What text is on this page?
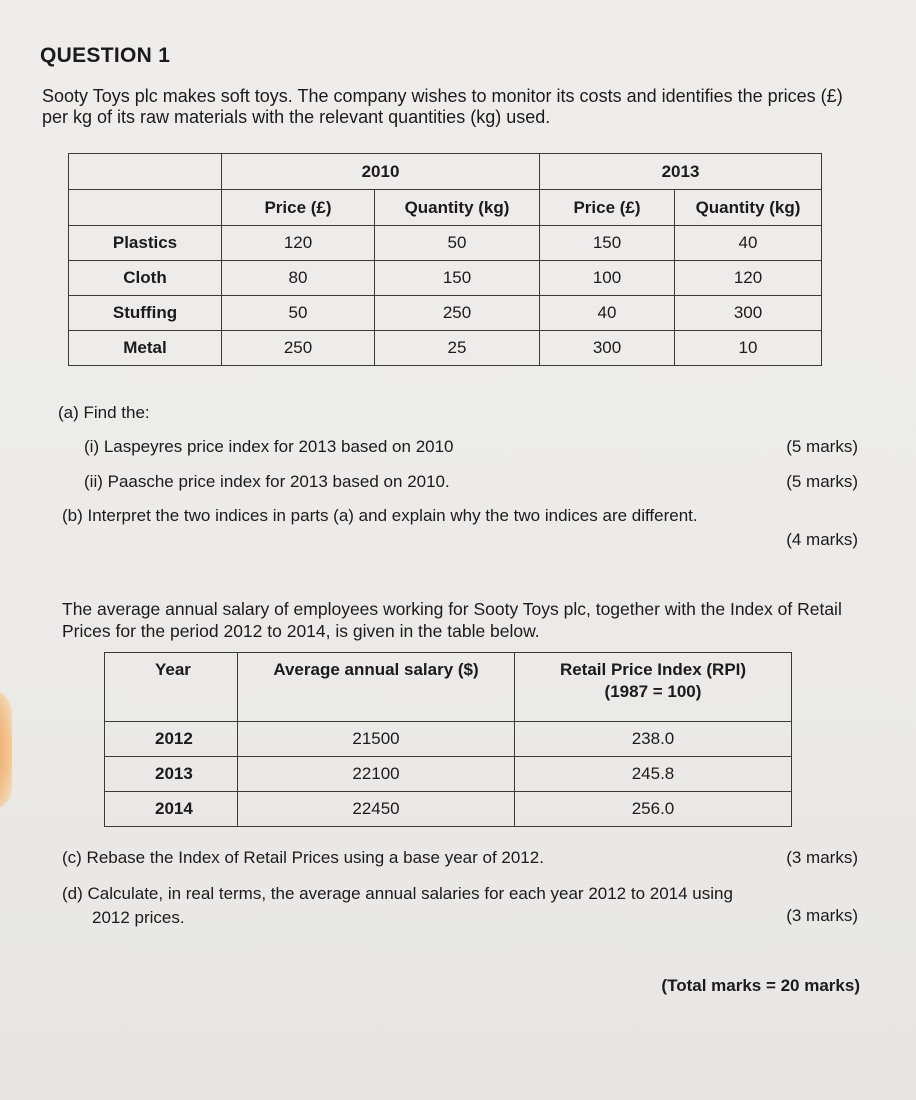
QUESTION 1
Sooty Toys plc makes soft toys. The company wishes to monitor its costs and identifies the prices (£) per kg of its raw materials with the relevant quantities (kg) used.
	2010		2013	
	Price (£)	Quantity (kg)	Price (£)	Quantity (kg)
Plastics	120	50	150	40
Cloth	80	150	100	120
Stuffing	50	250	40	300
Metal	250	25	300	10
(a) Find the:
(i) Laspeyres price index for 2013 based on 2010	(5 marks)
(ii) Paasche price index for 2013 based on 2010.	(5 marks)
(b) Interpret the two indices in parts (a) and explain why the two indices are different.
(4 marks)
The average annual salary of employees working for Sooty Toys plc, together with the Index of Retail Prices for the period 2012 to 2014, is given in the table below.
Year	Average annual salary ($)	Retail Price Index (RPI)
(1987 = 100)

2012	21500	238.0
2013	22100	245.8
2014	22450	256.0
(c) Rebase the Index of Retail Prices using a base year of 2012.	(3 marks)
(d) Calculate, in real terms, the average annual salaries for each year 2012 to 2014 using
2012 prices.	(3 marks)
(Total marks = 20 marks)
